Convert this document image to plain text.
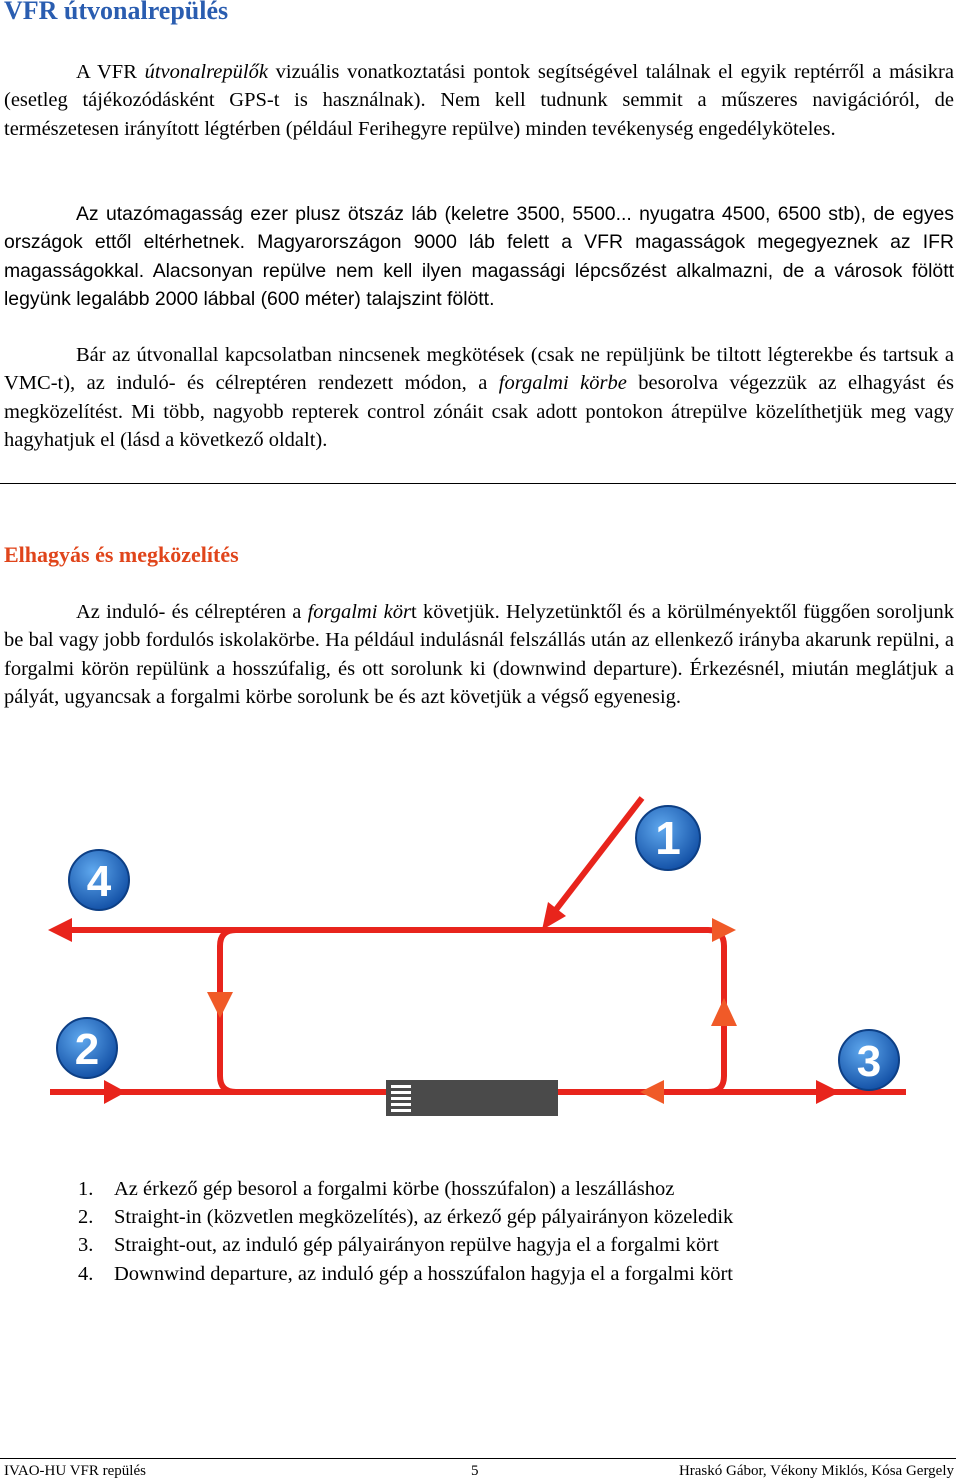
VFR útvonalrepülés

A VFR útvonalrepülők vizuális vonatkoztatási pontok segítségével találnak el egyik reptérről a másikra (esetleg tájékozódásként GPS-t is használnak). Nem kell tudnunk semmit a műszeres navigációról, de természetesen irányított légtérben (például Ferihegyre repülve) minden tevékenység engedélyköteles.

Az utazómagasság ezer plusz ötszáz láb (keletre 3500, 5500... nyugatra 4500, 6500 stb), de egyes országok ettől eltérhetnek. Magyarországon 9000 láb felett a VFR magasságok megegyeznek az IFR magasságokkal. Alacsonyan repülve nem kell ilyen magassági lépcsőzést alkalmazni, de a városok fölött legyünk legalább 2000 lábbal (600 méter) talajszint fölött.

Bár az útvonallal kapcsolatban nincsenek megkötések (csak ne repüljünk be tiltott légterekbe és tartsuk a VMC-t), az induló- és célreptéren rendezett módon, a forgalmi körbe besorolva végezzük az elhagyást és megközelítést. Mi több, nagyobb repterek control zónáit csak adott pontokon átrepülve közelíthetjük meg vagy hagyhatjuk el (lásd a következő oldalt).

Elhagyás és megközelítés

Az induló- és célreptéren a forgalmi kört követjük. Helyzetünktől és a körülményektől függően soroljunk be bal vagy jobb fordulós iskolakörbe. Ha például indulásnál felszállás után az ellenkező irányba akarunk repülni, a forgalmi körön repülünk a hosszúfalig, és ott sorolunk ki (downwind departure). Érkezésnél, miután meglátjuk a pályát, ugyancsak a forgalmi körbe sorolunk be és azt követjük a végső egyenesig.

1
2	3
4
1.	Az érkező gép besorol a forgalmi körbe (hosszúfalon) a leszálláshoz
2.	Straight-in (közvetlen megközelítés), az érkező gép pályairányon közeledik
3.	Straight-out, az induló gép pályairányon repülve hagyja el a forgalmi kört
4.	Downwind departure, az induló gép a hosszúfalon hagyja el a forgalmi kört
IVAO-HU VFR repülés	5	Hraskó Gábor, Vékony Miklós, Kósa Gergely
